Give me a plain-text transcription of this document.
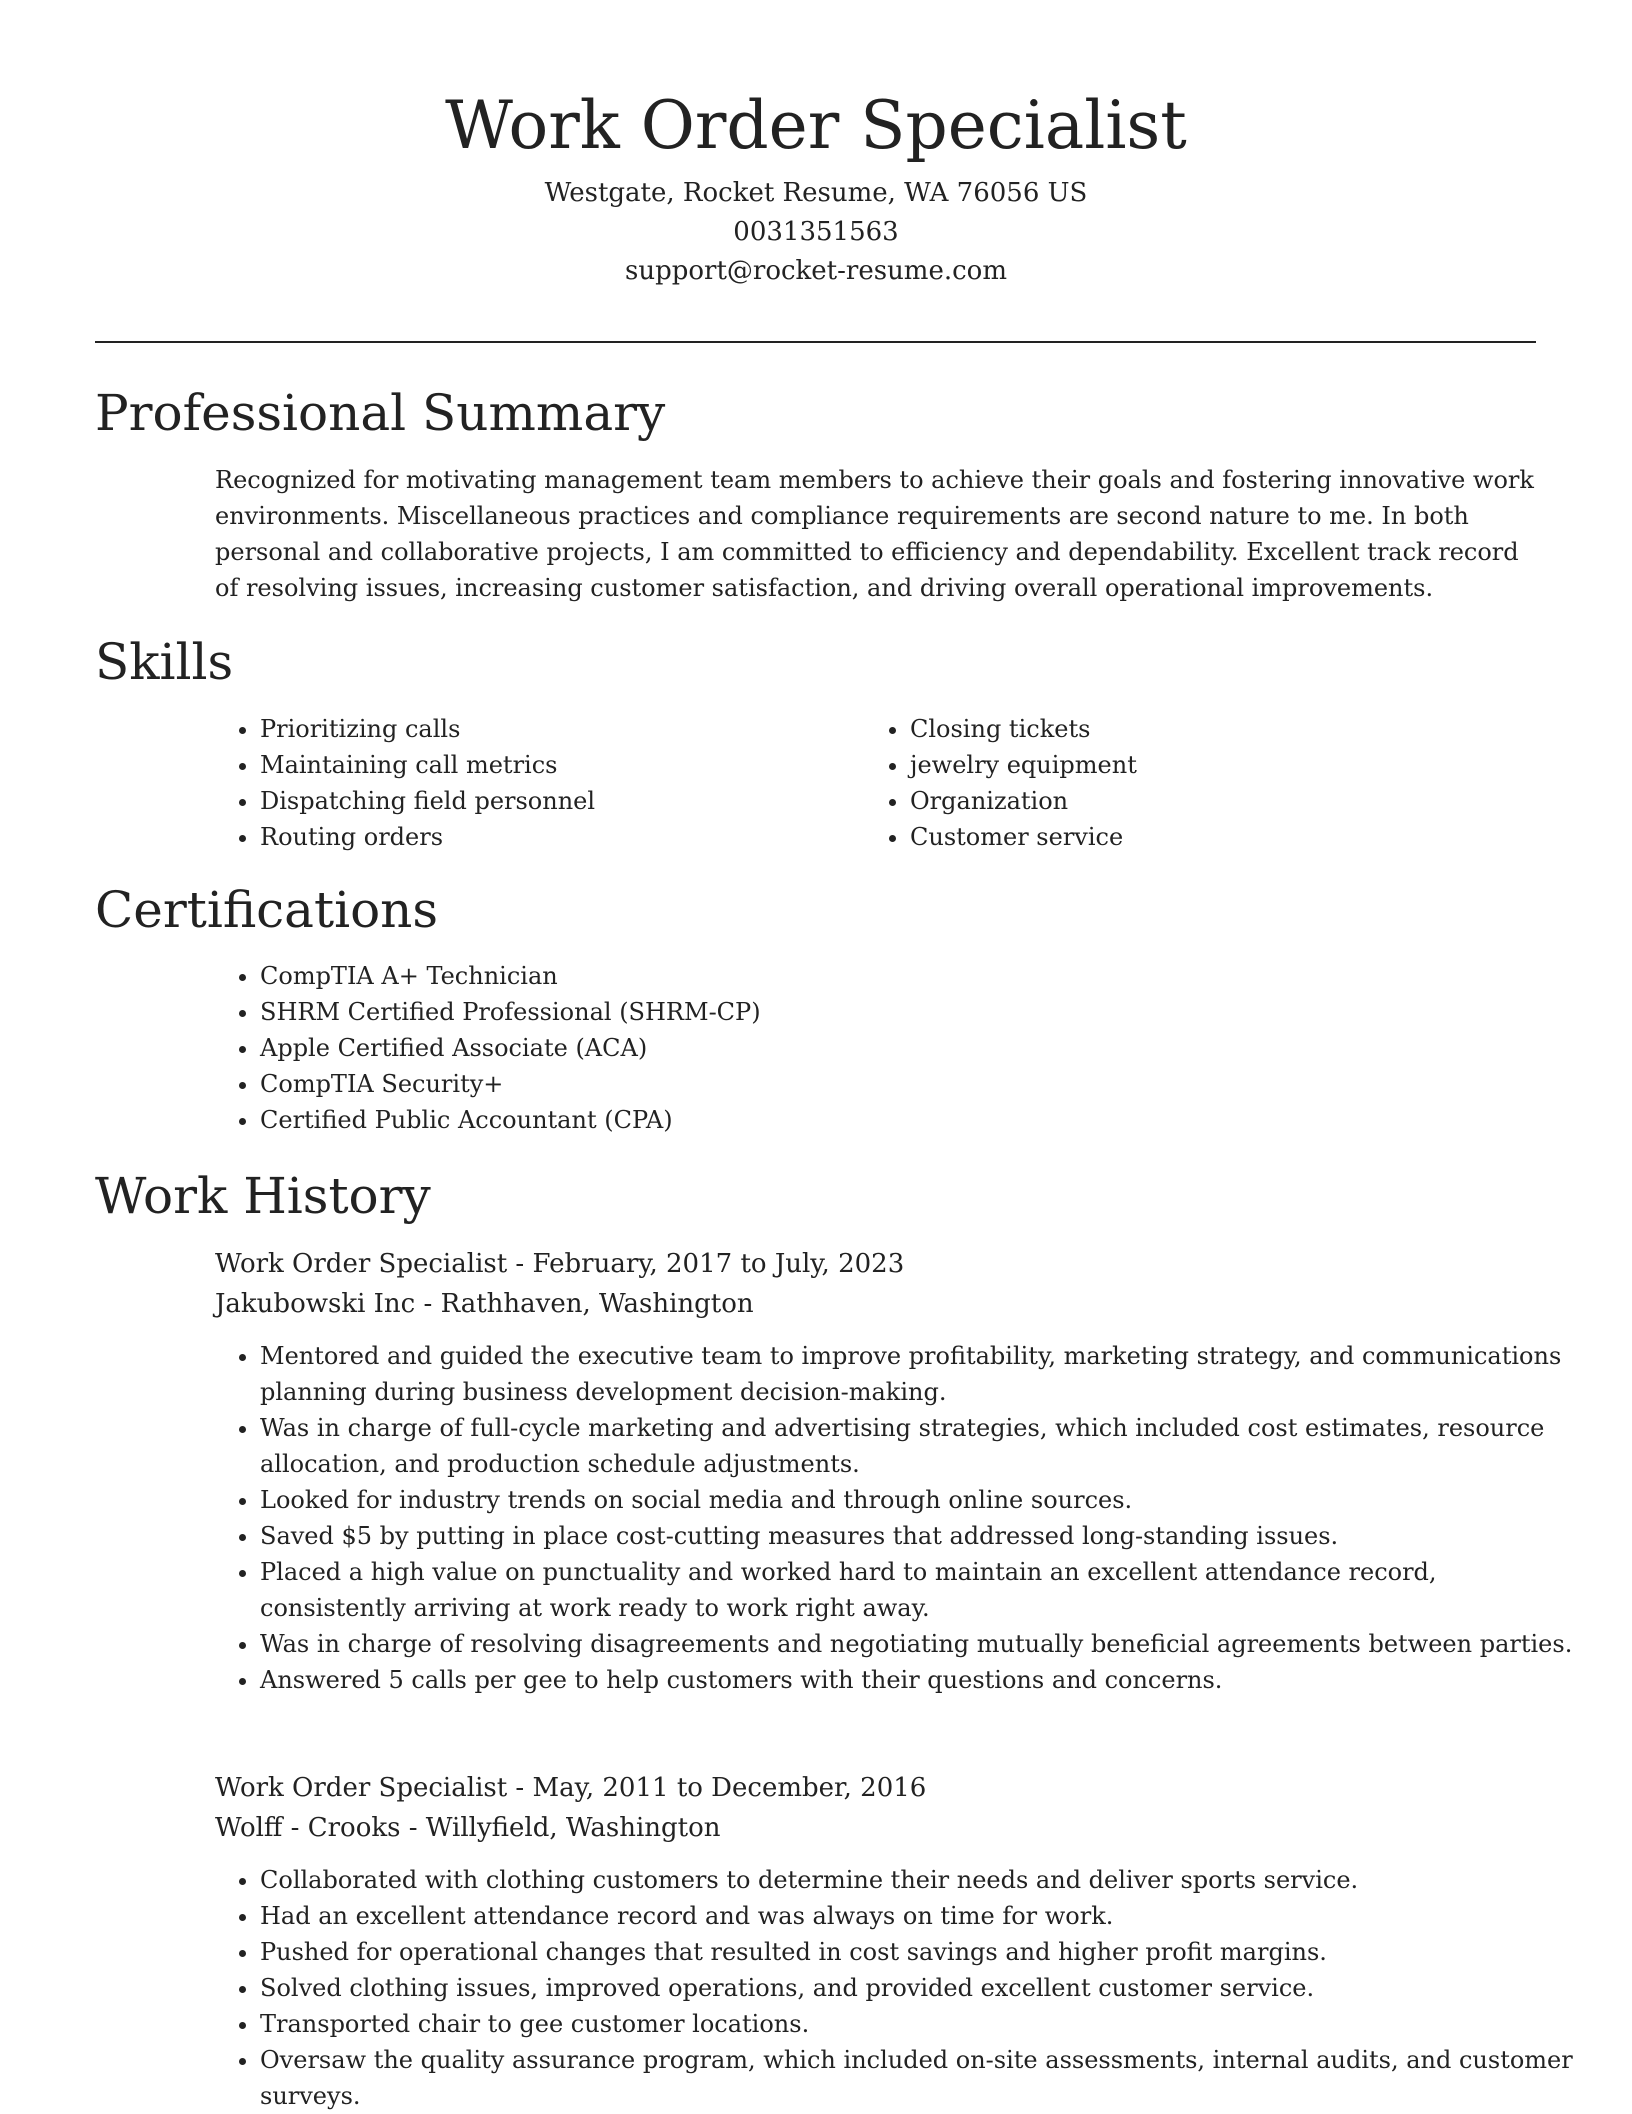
Work Order Specialist

Westgate, Rocket Resume, WA 76056 US

0031351563

support@rocket-resume.com

Professional Summary

Recognized for motivating management team members to achieve their goals and fostering innovative work environments. Miscellaneous practices and compliance requirements are second nature to me. In both personal and collaborative projects, I am committed to efficiency and dependability. Excellent track record of resolving issues, increasing customer satisfaction, and driving overall operational improvements.

Skills
• Prioritizing calls
• Maintaining call metrics
• Dispatching field personnel
• Routing orders
• Closing tickets
• jewelry equipment
• Organization
• Customer service
Certifications
• CompTIA A+ Technician
• SHRM Certified Professional (SHRM-CP)
• Apple Certified Associate (ACA)
• CompTIA Security+
• Certified Public Accountant (CPA)
Work History

Work Order Specialist - February, 2017 to July, 2023

Jakubowski Inc - Rathhaven, Washington

• Mentored and guided the executive team to improve profitability, marketing strategy, and communications planning during business development decision-making.
• Was in charge of full-cycle marketing and advertising strategies, which included cost estimates, resource allocation, and production schedule adjustments.
• Looked for industry trends on social media and through online sources.
• Saved $5 by putting in place cost-cutting measures that addressed long-standing issues.
• Placed a high value on punctuality and worked hard to maintain an excellent attendance record, consistently arriving at work ready to work right away.
• Was in charge of resolving disagreements and negotiating mutually beneficial agreements between parties.
• Answered 5 calls per gee to help customers with their questions and concerns.

Work Order Specialist - May, 2011 to December, 2016

Wolff - Crooks - Willyfield, Washington

• Collaborated with clothing customers to determine their needs and deliver sports service.
• Had an excellent attendance record and was always on time for work.
• Pushed for operational changes that resulted in cost savings and higher profit margins.
• Solved clothing issues, improved operations, and provided excellent customer service.
• Transported chair to gee customer locations.
• Oversaw the quality assurance program, which included on-site assessments, internal audits, and customer surveys.
